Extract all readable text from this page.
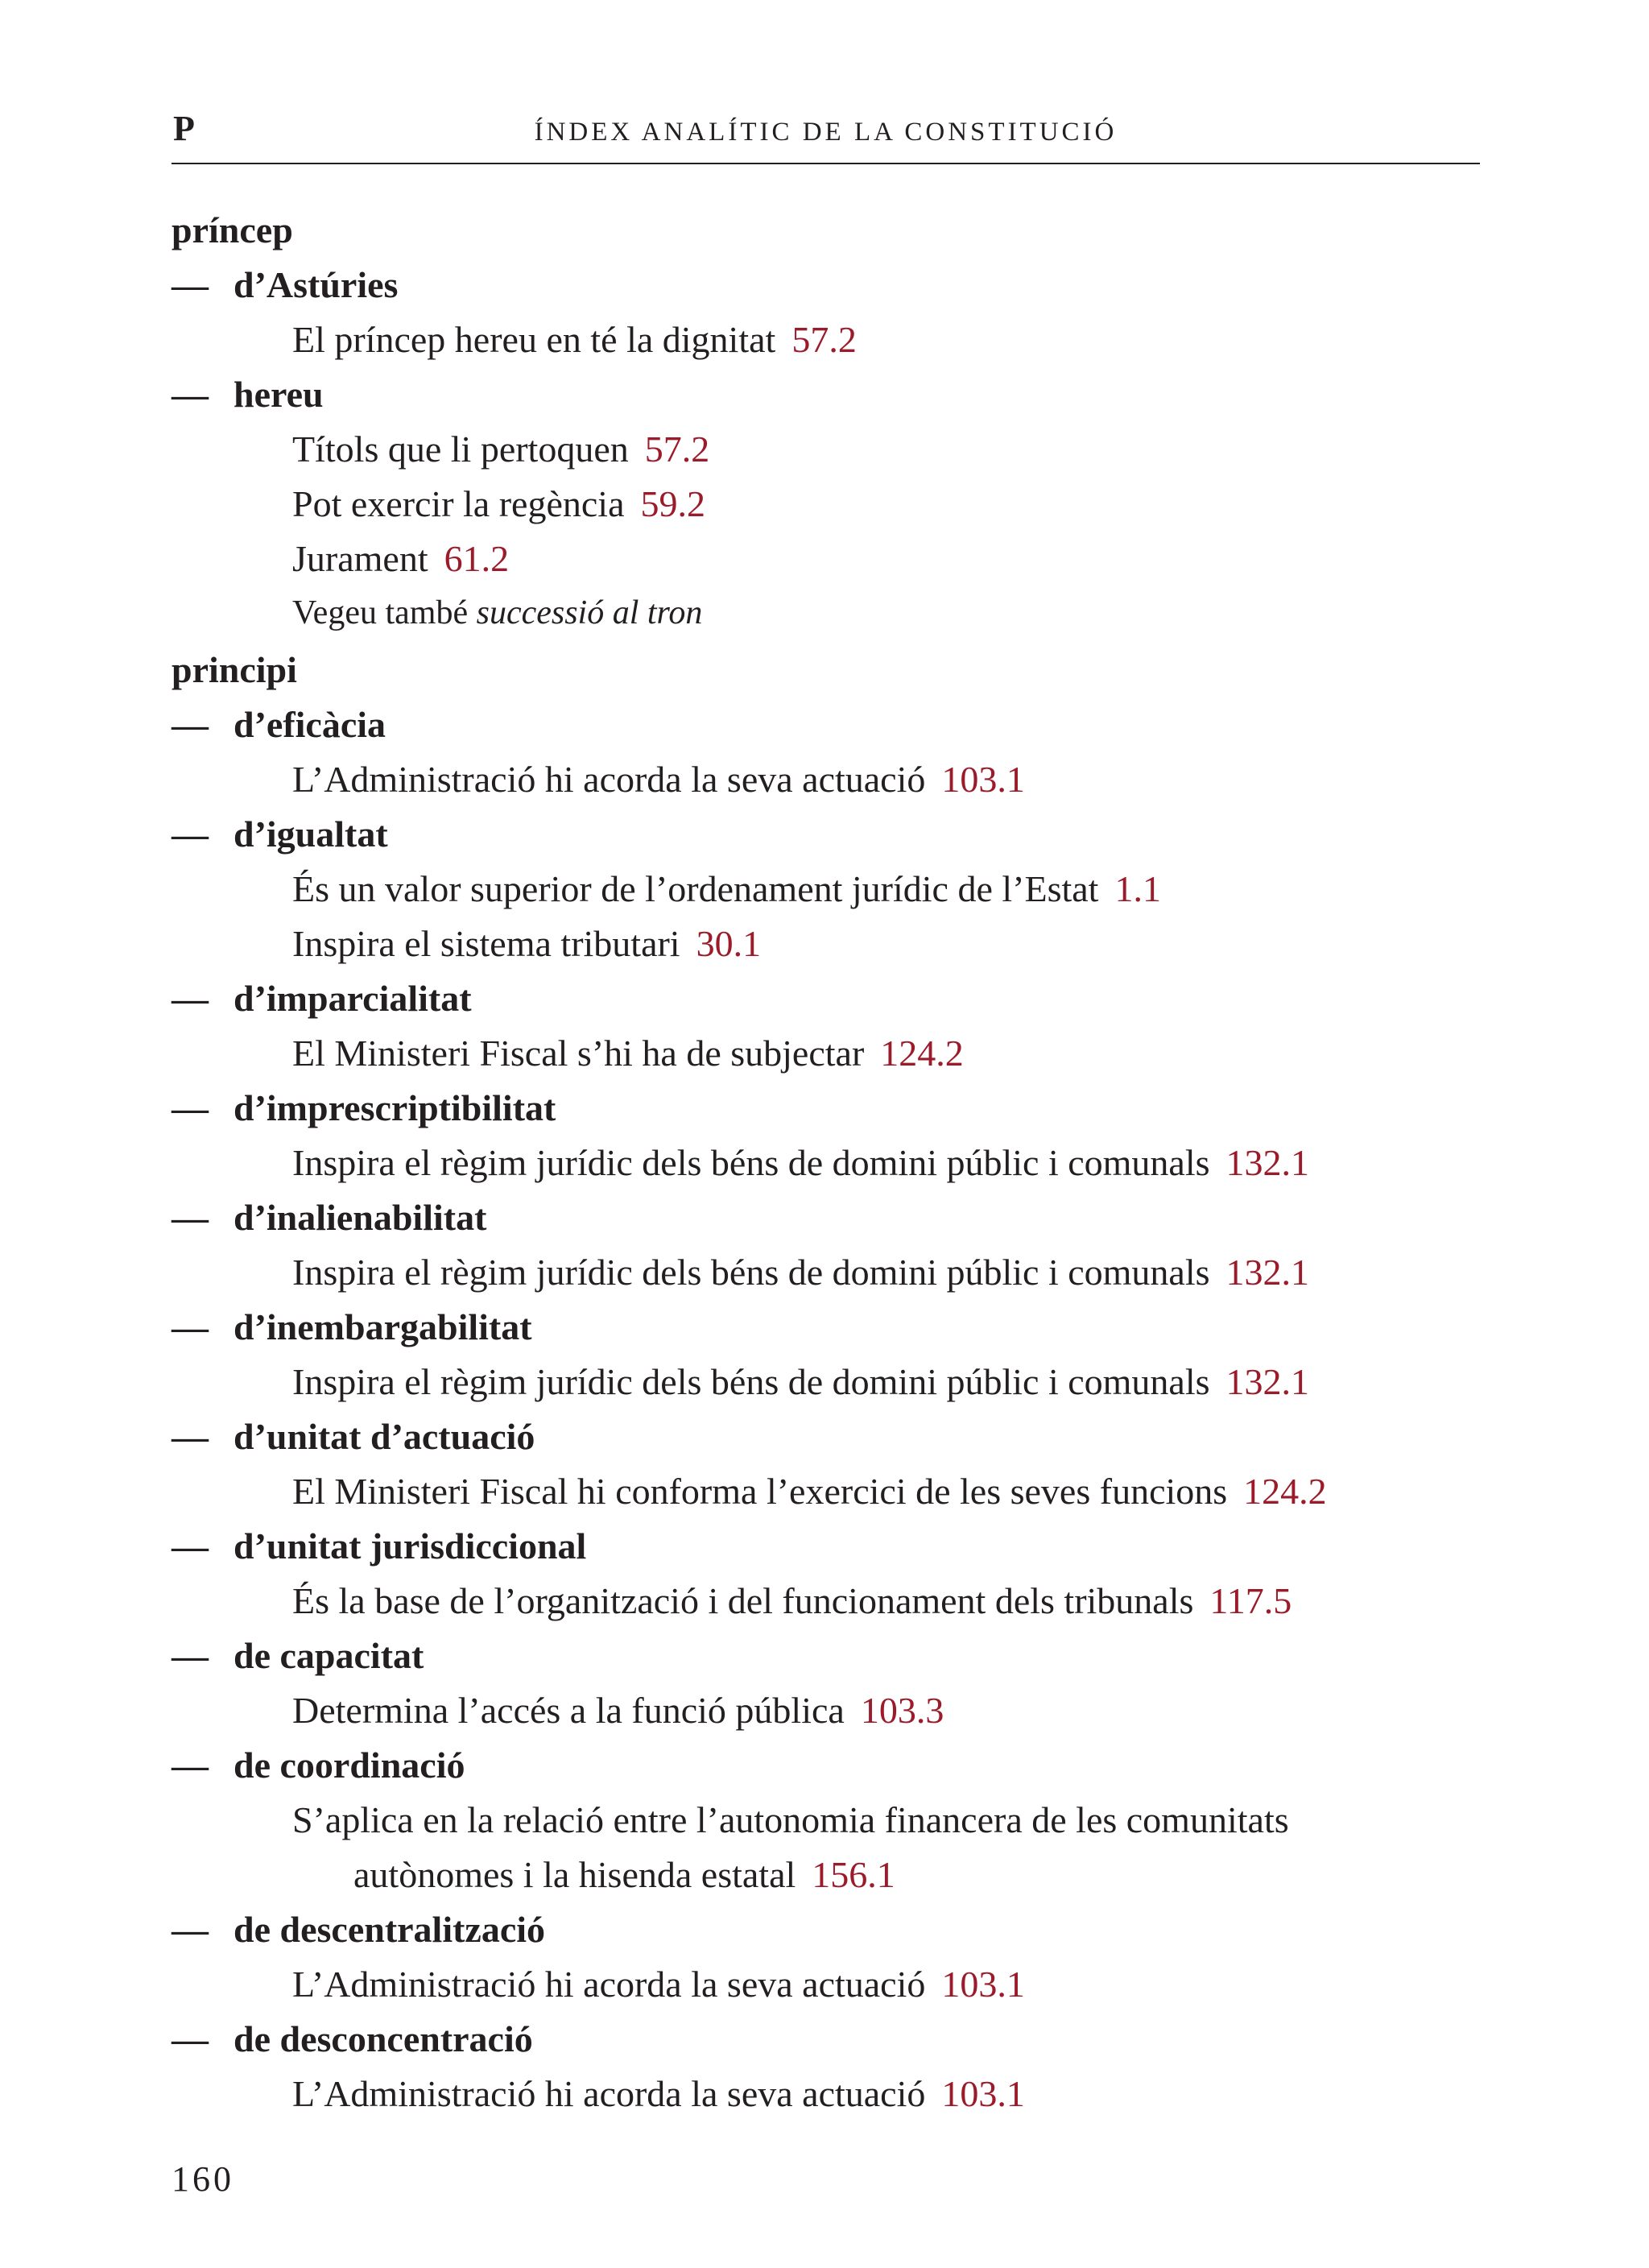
P	ÍNDEX ANALÍTIC DE LA CONSTITUCIÓ
príncep
— d’Astúries
El príncep hereu en té la dignitat 57.2
— hereu
Títols que li pertoquen 57.2
Pot exercir la regència 59.2
Jurament 61.2
Vegeu també successió al tron
principi
— d’eficàcia
L’Administració hi acorda la seva actuació 103.1
— d’igualtat
És un valor superior de l’ordenament jurídic de l’Estat 1.1
Inspira el sistema tributari 30.1
— d’imparcialitat
El Ministeri Fiscal s’hi ha de subjectar 124.2
— d’imprescriptibilitat
Inspira el règim jurídic dels béns de domini públic i comunals 132.1
— d’inalienabilitat
Inspira el règim jurídic dels béns de domini públic i comunals 132.1
— d’inembargabilitat
Inspira el règim jurídic dels béns de domini públic i comunals 132.1
— d’unitat d’actuació
El Ministeri Fiscal hi conforma l’exercici de les seves funcions 124.2
— d’unitat jurisdiccional
És la base de l’organització i del funcionament dels tribunals 117.5
— de capacitat
Determina l’accés a la funció pública 103.3
— de coordinació
S’aplica en la relació entre l’autonomia financera de les comunitats
autònomes i la hisenda estatal 156.1
— de descentralització
L’Administració hi acorda la seva actuació 103.1
— de desconcentració
L’Administració hi acorda la seva actuació 103.1
160
